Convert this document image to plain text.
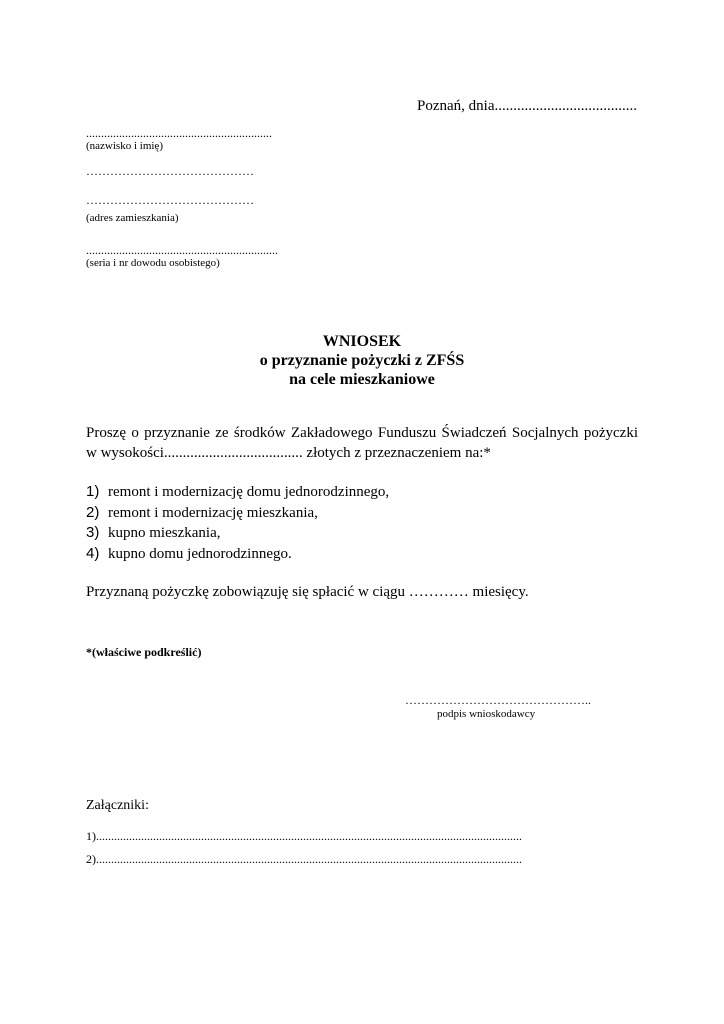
Poznań, dnia......................................
..............................................................
(nazwisko i imię)
……………………………………
……………………………………
(adres zamieszkania)
................................................................
(seria i nr dowodu osobistego)
WNIOSEK
o przyznanie pożyczki z ZFŚS
na cele mieszkaniowe
Proszę o przyznanie ze środków Zakładowego Funduszu Świadczeń Socjalnych pożyczki
w wysokości..................................... złotych z przeznaczeniem na:*
1) remont i modernizację domu jednorodzinnego,
2) remont i modernizację mieszkania,
3) kupno mieszkania,
4) kupno domu jednorodzinnego.
Przyznaną pożyczkę zobowiązuję się spłacić w ciągu ………… miesięcy.
*(właściwe podkreślić)
………………………………………..
podpis wnioskodawcy
Załączniki:
1)..............................................................................................................................................
2)..............................................................................................................................................
